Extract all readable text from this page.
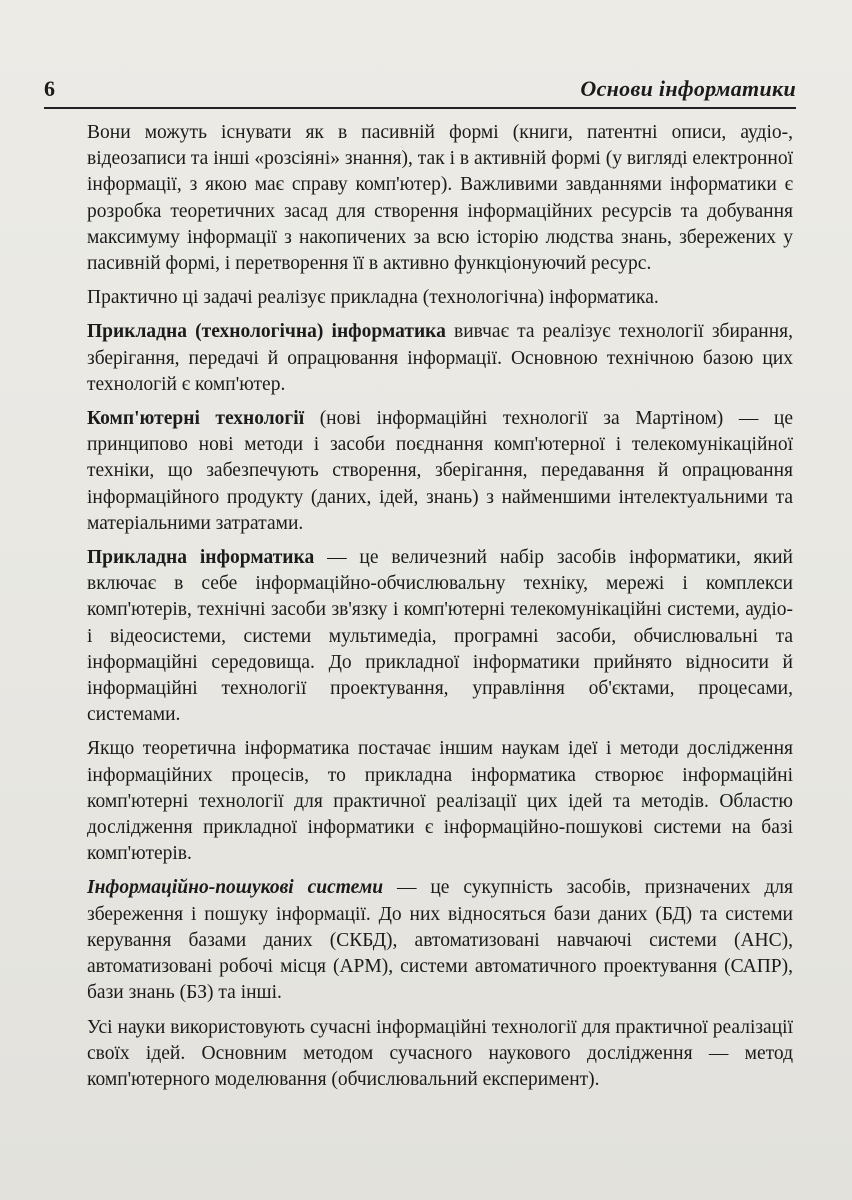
6	Основи інформатики

Вони можуть існувати як в пасивній формі (книги, патентні описи, аудіо-, відеозаписи та інші «розсіяні» знання), так і в активній формі (у вигляді електронної інформації, з якою має справу комп'ютер). Важливими завданнями інформатики є розробка теоретичних засад для створення інформаційних ресурсів та добування максимуму інформації з накопичених за всю історію людства знань, збережених у пасивній формі, і перетворення її в активно функціонуючий ресурс.

Практично ці задачі реалізує прикладна (технологічна) інформатика.

Прикладна (технологічна) інформатика вивчає та реалізує технології збирання, зберігання, передачі й опрацювання інформації. Основною технічною базою цих технологій є комп'ютер.

Комп'ютерні технології (нові інформаційні технології за Мартіном) — це принципово нові методи і засоби поєднання комп'ютерної і телекомунікаційної техніки, що забезпечують створення, зберігання, передавання й опрацювання інформаційного продукту (даних, ідей, знань) з найменшими інтелектуальними та матеріальними затратами.

Прикладна інформатика — це величезний набір засобів інформатики, який включає в себе інформаційно-обчислювальну техніку, мережі і комплекси комп'ютерів, технічні засоби зв'язку і комп'ютерні телекомунікаційні системи, аудіо- і відеосистеми, системи мультимедіа, програмні засоби, обчислювальні та інформаційні середовища. До прикладної інформатики прийнято відносити й інформаційні технології проектування, управління об'єктами, процесами, системами.

Якщо теоретична інформатика постачає іншим наукам ідеї і методи дослідження інформаційних процесів, то прикладна інформатика створює інформаційні комп'ютерні технології для практичної реалізації цих ідей та методів. Областю дослідження прикладної інформатики є інформаційно-пошукові системи на базі комп'ютерів.

Інформаційно-пошукові системи — це сукупність засобів, призначених для збереження і пошуку інформації. До них відносяться бази даних (БД) та системи керування базами даних (СКБД), автоматизовані навчаючі системи (АНС), автоматизовані робочі місця (АРМ), системи автоматичного проектування (САПР), бази знань (БЗ) та інші.

Усі науки використовують сучасні інформаційні технології для практичної реалізації своїх ідей. Основним методом сучасного наукового дослідження — метод комп'ютерного моделювання (обчислювальний експеримент).
